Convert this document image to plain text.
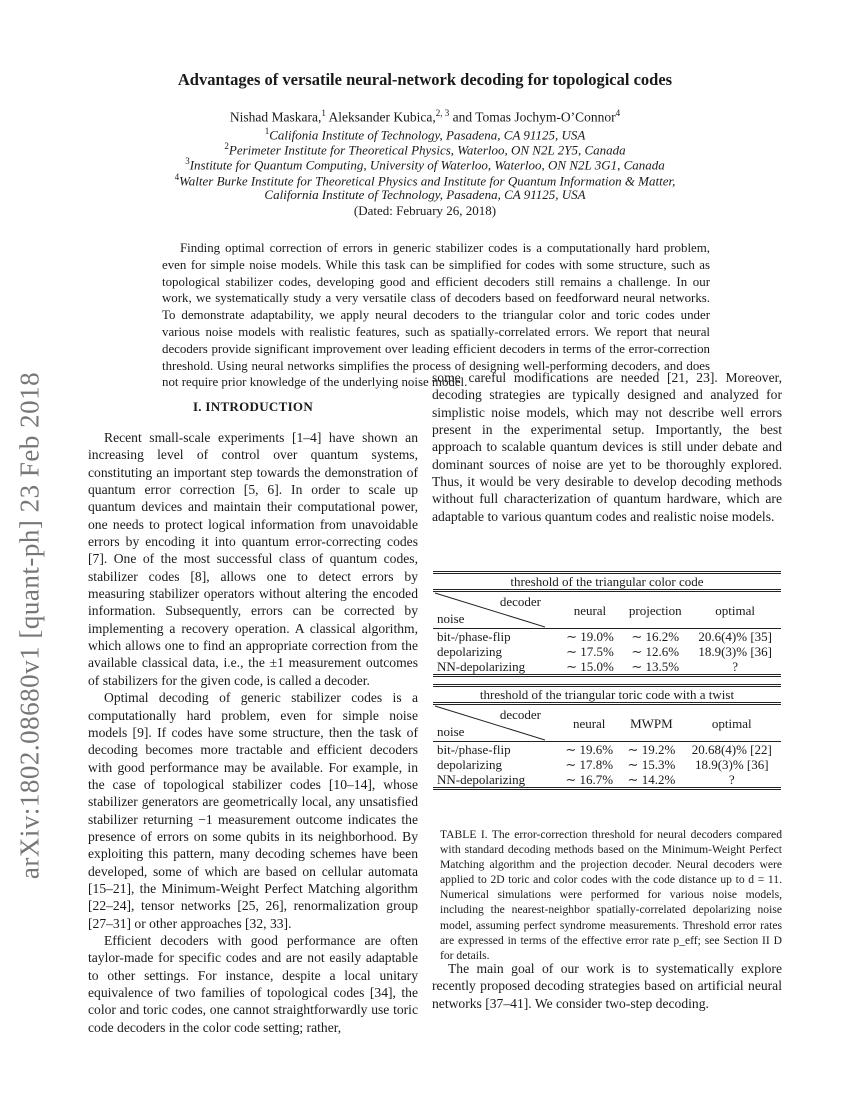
arXiv:1802.08680v1 [quant-ph] 23 Feb 2018
Advantages of versatile neural-network decoding for topological codes
Nishad Maskara,$^1$ Aleksander Kubica,$^{2, 3}$ and Tomas Jochym-O’Connor$^4$
$^1$Califonia Institute of Technology, Pasadena, CA 91125, USA
$^2$Perimeter Institute for Theoretical Physics, Waterloo, ON N2L 2Y5, Canada
$^3$Institute for Quantum Computing, University of Waterloo, Waterloo, ON N2L 3G1, Canada
$^4$Walter Burke Institute for Theoretical Physics and Institute for Quantum Information & Matter,
California Institute of Technology, Pasadena, CA 91125, USA
(Dated: February 26, 2018)
Finding optimal correction of errors in generic stabilizer codes is a computationally hard problem, even for simple noise models. While this task can be simplified for codes with some structure, such as topological stabilizer codes, developing good and efficient decoders still remains a challenge. In our work, we systematically study a very versatile class of decoders based on feedforward neural networks. To demonstrate adaptability, we apply neural decoders to the triangular color and toric codes under various noise models with realistic features, such as spatially-correlated errors. We report that neural decoders provide significant improvement over leading efficient decoders in terms of the error-correction threshold. Using neural networks simplifies the process of designing well-performing decoders, and does not require prior knowledge of the underlying noise model.
I. INTRODUCTION

Recent small-scale experiments [1–4] have shown an increasing level of control over quantum systems, constituting an important step towards the demonstration of quantum error correction [5, 6]. In order to scale up quantum devices and maintain their computational power, one needs to protect logical information from unavoidable errors by encoding it into quantum error-correcting codes [7]. One of the most successful class of quantum codes, stabilizer codes [8], allows one to detect errors by measuring stabilizer operators without altering the encoded information. Subsequently, errors can be corrected by implementing a recovery operation. A classical algorithm, which allows one to find an appropriate correction from the available classical data, i.e., the ±1 measurement outcomes of stabilizers for the given code, is called a decoder.

Optimal decoding of generic stabilizer codes is a computationally hard problem, even for simple noise models [9]. If codes have some structure, then the task of decoding becomes more tractable and efficient decoders with good performance may be available. For example, in the case of topological stabilizer codes [10–14], whose stabilizer generators are geometrically local, any unsatisfied stabilizer returning −1 measurement outcome indicates the presence of errors on some qubits in its neighborhood. By exploiting this pattern, many decoding schemes have been developed, some of which are based on cellular automata [15–21], the Minimum-Weight Perfect Matching algorithm [22–24], tensor networks [25, 26], renormalization group [27–31] or other approaches [32, 33].

Efficient decoders with good performance are often taylor-made for specific codes and are not easily adaptable to other settings. For instance, despite a local unitary equivalence of two families of topological codes [34], the color and toric codes, one cannot straightforwardly use toric code decoders in the color code setting; rather,

some careful modifications are needed [21, 23]. Moreover, decoding strategies are typically designed and analyzed for simplistic noise models, which may not describe well errors present in the experimental setup. Importantly, the best approach to scalable quantum devices is still under debate and dominant sources of noise are yet to be thoroughly explored. Thus, it would be very desirable to develop decoding methods without full characterization of quantum hardware, which are adaptable to various quantum codes and realistic noise models.

threshold of the triangular color code			

decoder
noise	neural	projection	optimal
bit-/phase-flip	∼ 19.0%	∼ 16.2%	20.6(4)% [35]
depolarizing	∼ 17.5%	∼ 12.6%	18.9(3)% [36]
NN-depolarizing	∼ 15.0%	∼ 13.5%	?
threshold of the triangular toric code with a twist			

decoder
noise	neural	MWPM	optimal
bit-/phase-flip	∼ 19.6%	∼ 19.2%	20.68(4)% [22]
depolarizing	∼ 17.8%	∼ 15.3%	18.9(3)% [36]
NN-depolarizing	∼ 16.7%	∼ 14.2%	?
TABLE I. The error-correction threshold for neural decoders compared with standard decoding methods based on the Minimum-Weight Perfect Matching algorithm and the projection decoder. Neural decoders were applied to 2D toric and color codes with the code distance up to d = 11. Numerical simulations were performed for various noise models, including the nearest-neighbor spatially-correlated depolarizing noise model, assuming perfect syndrome measurements. Threshold error rates are expressed in terms of the effective error rate p_eff; see Section II D for details.

The main goal of our work is to systematically explore recently proposed decoding strategies based on artificial neural networks [37–41]. We consider two-step decoding.
